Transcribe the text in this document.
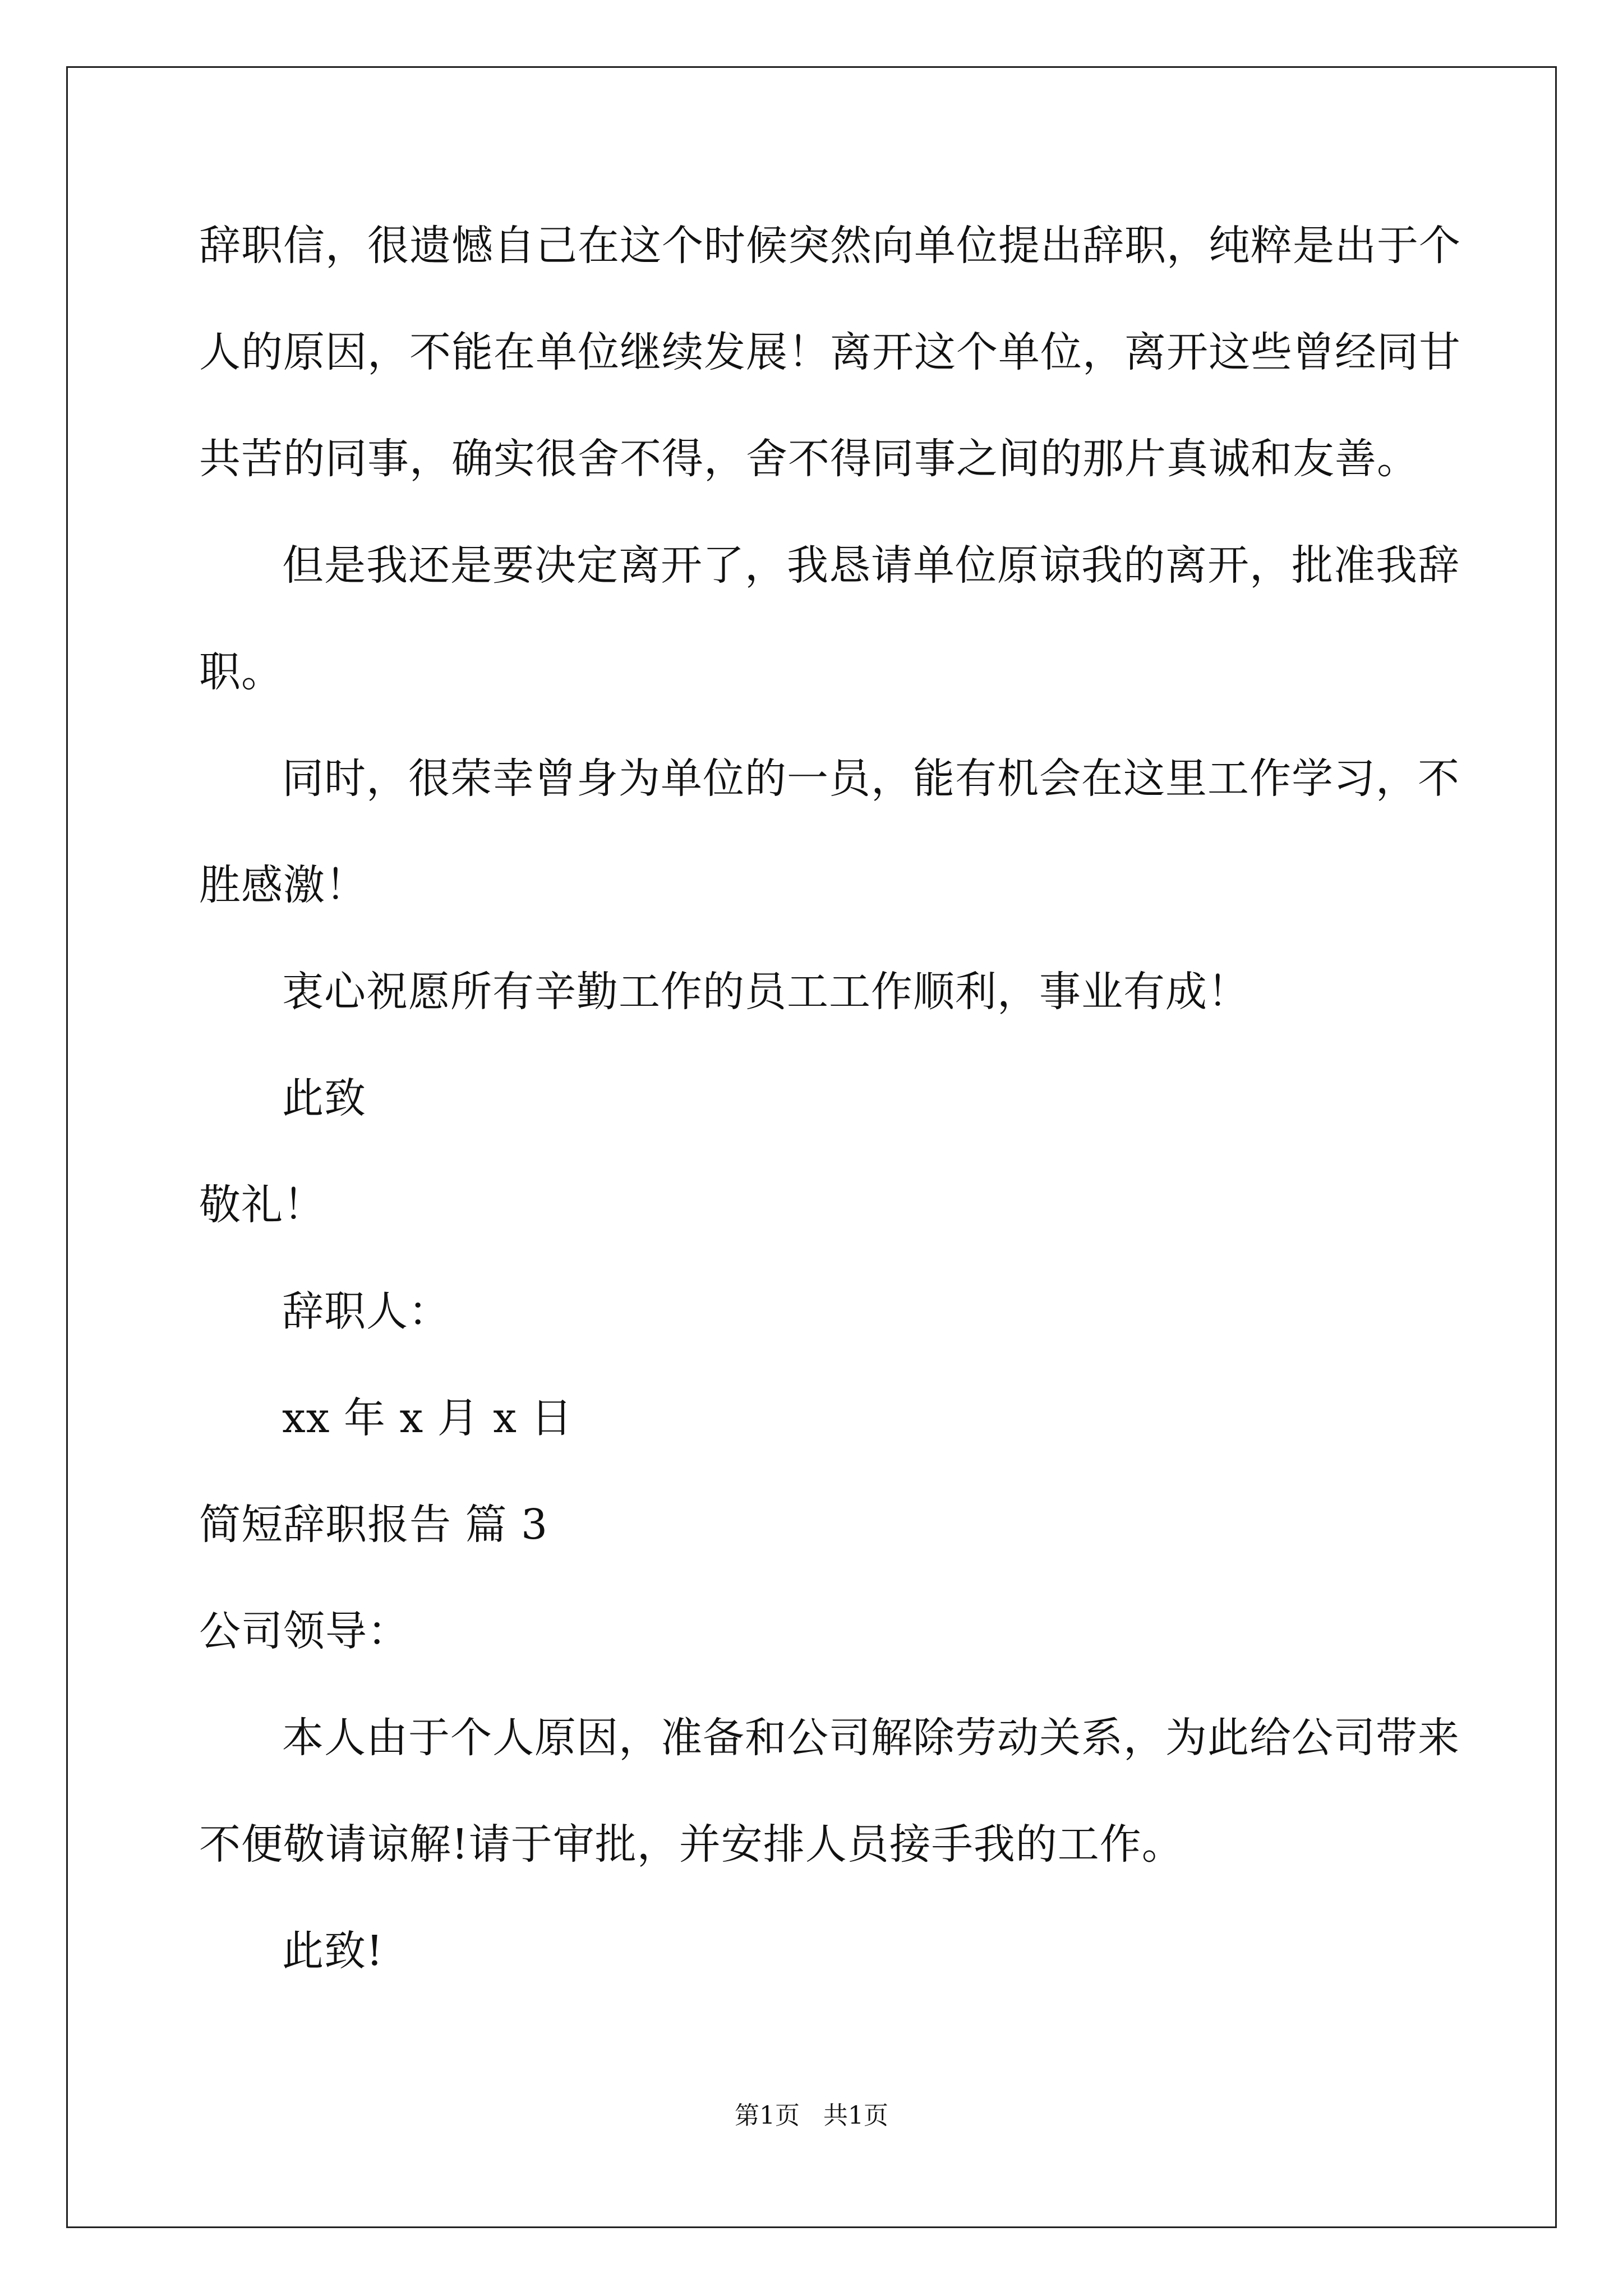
辞职信，很遗憾自己在这个时候突然向单位提出辞职，纯粹是出于个
人的原因，不能在单位继续发展！离开这个单位，离开这些曾经同甘
共苦的同事，确实很舍不得，舍不得同事之间的那片真诚和友善。
但是我还是要决定离开了，我恳请单位原谅我的离开，批准我辞
职。
同时，很荣幸曾身为单位的一员，能有机会在这里工作学习，不
胜感激！
衷心祝愿所有辛勤工作的员工工作顺利，事业有成！
此致
敬礼！
辞职人：
xx 年 x 月 x 日
简短辞职报告 篇 3
公司领导：
本人由于个人原因，准备和公司解除劳动关系，为此给公司带来
不便敬请谅解!请于审批，并安排人员接手我的工作。
此致!
第1页   共1页
